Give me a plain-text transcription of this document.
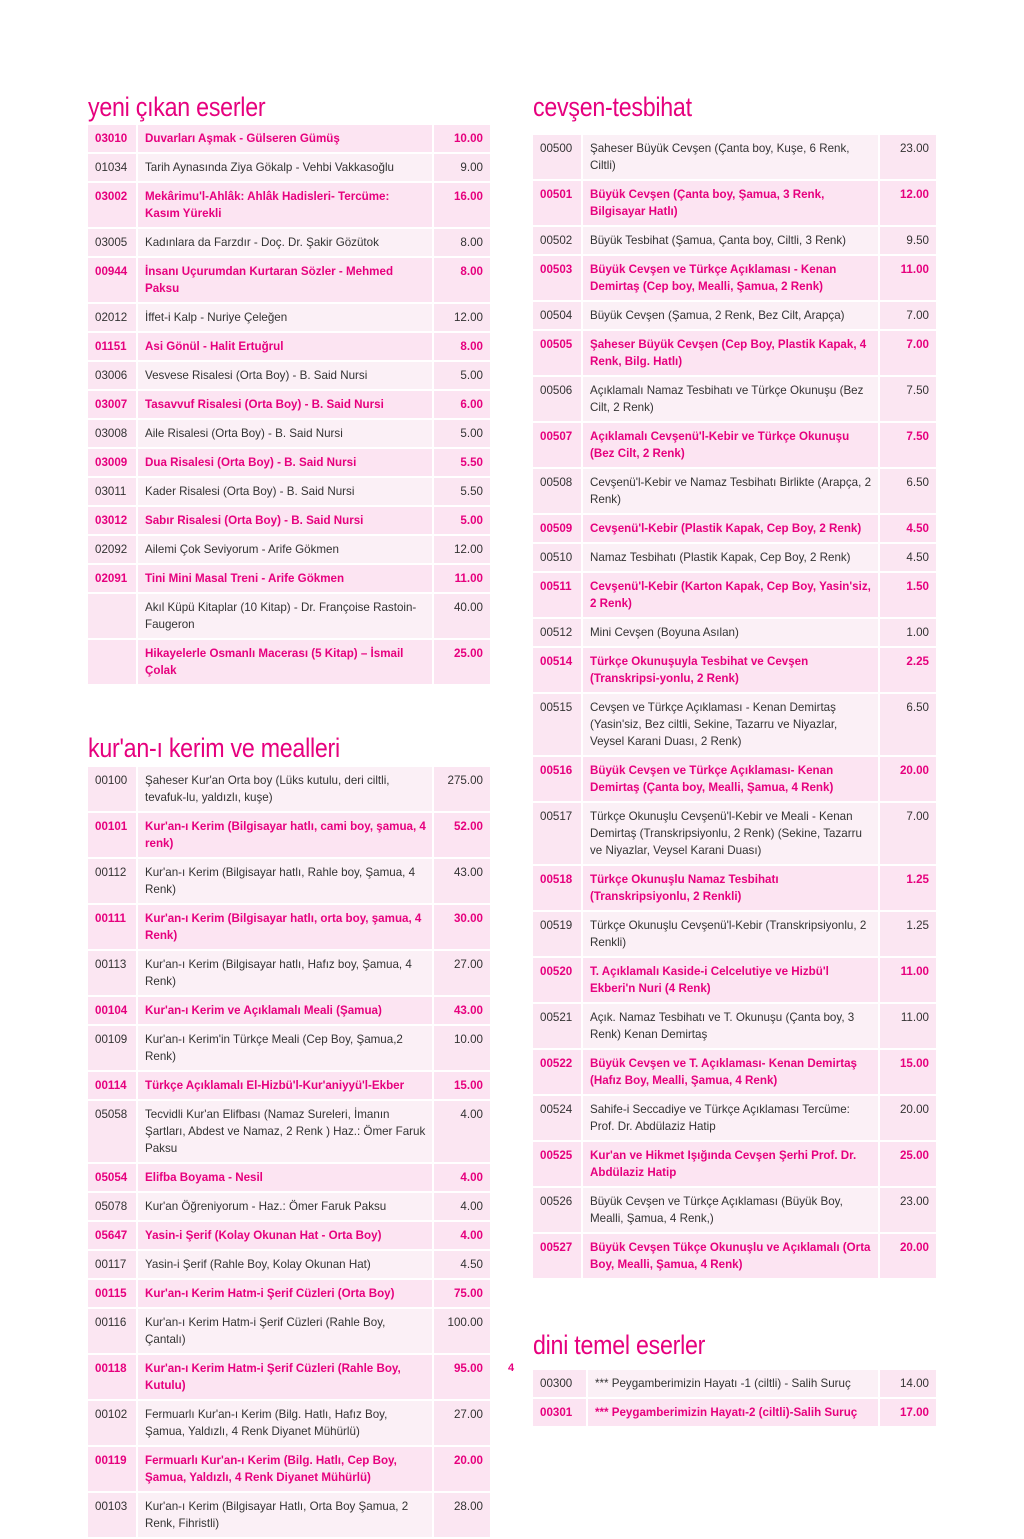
yeni çıkan eserler
03010	Duvarları Aşmak - Gülseren Gümüş	10.00
01034	Tarih Aynasında Ziya Gökalp - Vehbi Vakkasoğlu	9.00
03002	Mekârimu'l-Ahlâk: Ahlâk Hadisleri- Tercüme: Kasım Yürekli	16.00
03005	Kadınlara da Farzdır - Doç. Dr. Şakir Gözütok	8.00
00944	İnsanı Uçurumdan Kurtaran Sözler - Mehmed Paksu	8.00
02012	İffet-i Kalp - Nuriye Çeleğen	12.00
01151	Asi Gönül - Halit Ertuğrul	8.00
03006	Vesvese Risalesi (Orta Boy) - B. Said Nursi	5.00
03007	Tasavvuf Risalesi (Orta Boy) - B. Said Nursi	6.00
03008	Aile Risalesi (Orta Boy) - B. Said Nursi	5.00
03009	Dua Risalesi (Orta Boy) - B. Said Nursi	5.50
03011	Kader Risalesi (Orta Boy) - B. Said Nursi	5.50
03012	Sabır Risalesi (Orta Boy) - B. Said Nursi	5.00
02092	Ailemi Çok Seviyorum - Arife Gökmen	12.00
02091	Tini Mini Masal Treni - Arife Gökmen	11.00
	Akıl Küpü Kitaplar (10 Kitap) - Dr. Françoise Rastoin-Faugeron	40.00
	Hikayelerle Osmanlı Macerası (5 Kitap) – İsmail Çolak	25.00
kur'an-ı kerim ve mealleri
00100	Şaheser Kur'an Orta boy (Lüks kutulu, deri ciltli, tevafuk-lu, yaldızlı, kuşe)	275.00
00101	Kur'an-ı Kerim (Bilgisayar hatlı, cami boy, şamua, 4 renk)	52.00
00112	Kur'an-ı Kerim (Bilgisayar hatlı, Rahle boy, Şamua, 4 Renk)	43.00
00111	Kur'an-ı Kerim (Bilgisayar hatlı, orta boy, şamua, 4 Renk)	30.00
00113	Kur'an-ı Kerim (Bilgisayar hatlı, Hafız boy, Şamua, 4 Renk)	27.00
00104	Kur'an-ı Kerim ve Açıklamalı Meali (Şamua)	43.00
00109	Kur'an-ı Kerim'in Türkçe Meali (Cep Boy, Şamua,2 Renk)	10.00
00114	Türkçe Açıklamalı El-Hizbü'l-Kur'aniyyü'l-Ekber	15.00
05058	Tecvidli Kur'an Elifbası (Namaz Sureleri, İmanın Şartları, Abdest ve Namaz, 2 Renk ) Haz.: Ömer Faruk Paksu	4.00
05054	Elifba Boyama - Nesil	4.00
05078	Kur'an Öğreniyorum - Haz.: Ömer Faruk Paksu	4.00
05647	Yasin-i Şerif (Kolay Okunan Hat - Orta Boy)	4.00
00117	Yasin-i Şerif (Rahle Boy, Kolay Okunan Hat)	4.50
00115	Kur'an-ı Kerim Hatm-i Şerif Cüzleri (Orta Boy)	75.00
00116	Kur'an-ı Kerim Hatm-i Şerif Cüzleri (Rahle Boy, Çantalı)	100.00
00118	Kur'an-ı Kerim Hatm-i Şerif Cüzleri (Rahle Boy, Kutulu)	95.00
00102	Fermuarlı Kur'an-ı Kerim (Bilg. Hatlı, Hafız Boy, Şamua, Yaldızlı, 4 Renk Diyanet Mühürlü)	27.00
00119	Fermuarlı Kur'an-ı Kerim (Bilg. Hatlı, Cep Boy, Şamua, Yaldızlı, 4 Renk Diyanet Mühürlü)	20.00
00103	Kur'an-ı Kerim (Bilgisayar Hatlı, Orta Boy Şamua, 2 Renk, Fihristli)	28.00
cevşen-tesbihat
00500	Şaheser Büyük Cevşen (Çanta boy, Kuşe, 6 Renk, Ciltli)	23.00
00501	Büyük Cevşen (Çanta boy, Şamua, 3 Renk, Bilgisayar Hatlı)	12.00
00502	Büyük Tesbihat (Şamua, Çanta boy, Ciltli, 3 Renk)	9.50
00503	Büyük Cevşen ve Türkçe Açıklaması - Kenan Demirtaş (Cep boy, Mealli, Şamua, 2 Renk)	11.00
00504	Büyük Cevşen (Şamua, 2 Renk, Bez Cilt, Arapça)	7.00
00505	Şaheser Büyük Cevşen (Cep Boy, Plastik Kapak, 4 Renk, Bilg. Hatlı)	7.00
00506	Açıklamalı Namaz Tesbihatı ve Türkçe Okunuşu (Bez Cilt, 2 Renk)	7.50
00507	Açıklamalı Cevşenü'l-Kebir ve Türkçe Okunuşu (Bez Cilt, 2 Renk)	7.50
00508	Cevşenü'l-Kebir ve Namaz Tesbihatı Birlikte (Arapça, 2 Renk)	6.50
00509	Cevşenü'l-Kebir (Plastik Kapak, Cep Boy, 2 Renk)	4.50
00510	Namaz Tesbihatı (Plastik Kapak, Cep Boy, 2 Renk)	4.50
00511	Cevşenü'l-Kebir (Karton Kapak, Cep Boy, Yasin'siz, 2 Renk)	1.50
00512	Mini Cevşen (Boyuna Asılan)	1.00
00514	Türkçe Okunuşuyla Tesbihat ve Cevşen (Transkripsi-yonlu, 2 Renk)	2.25
00515	Cevşen ve Türkçe Açıklaması - Kenan Demirtaş (Yasin'siz, Bez ciltli, Sekine, Tazarru ve Niyazlar, Veysel Karani Duası, 2 Renk)	6.50
00516	Büyük Cevşen ve Türkçe Açıklaması- Kenan Demirtaş (Çanta boy, Mealli, Şamua, 4 Renk)	20.00
00517	Türkçe Okunuşlu Cevşenü'l-Kebir ve Meali - Kenan Demirtaş (Transkripsiyonlu, 2 Renk) (Sekine, Tazarru ve Niyazlar, Veysel Karani Duası)	7.00
00518	Türkçe Okunuşlu Namaz Tesbihatı (Transkripsiyonlu, 2 Renkli)	1.25
00519	Türkçe Okunuşlu Cevşenü'l-Kebir (Transkripsiyonlu, 2 Renkli)	1.25
00520	T. Açıklamalı Kaside-i Celcelutiye ve Hizbü'l Ekberi'n Nuri (4 Renk)	11.00
00521	Açık. Namaz Tesbihatı ve T. Okunuşu (Çanta boy, 3 Renk) Kenan Demirtaş	11.00
00522	Büyük Cevşen ve T. Açıklaması- Kenan Demirtaş (Hafız Boy, Mealli, Şamua, 4 Renk)	15.00
00524	Sahife-i Seccadiye ve Türkçe Açıklaması Tercüme: Prof. Dr. Abdülaziz Hatip	20.00
00525	Kur'an ve Hikmet Işığında Cevşen Şerhi Prof. Dr. Abdülaziz Hatip	25.00
00526	Büyük Cevşen ve Türkçe Açıklaması (Büyük Boy, Mealli, Şamua, 4 Renk,)	23.00
00527	Büyük Cevşen Tükçe Okunuşlu ve Açıklamalı (Orta Boy, Mealli, Şamua, 4 Renk)	20.00
dini temel eserler
00300	*** Peygamberimizin Hayatı -1 (ciltli) - Salih Suruç	14.00
00301	*** Peygamberimizin Hayatı-2 (ciltli)-Salih Suruç	17.00
4
